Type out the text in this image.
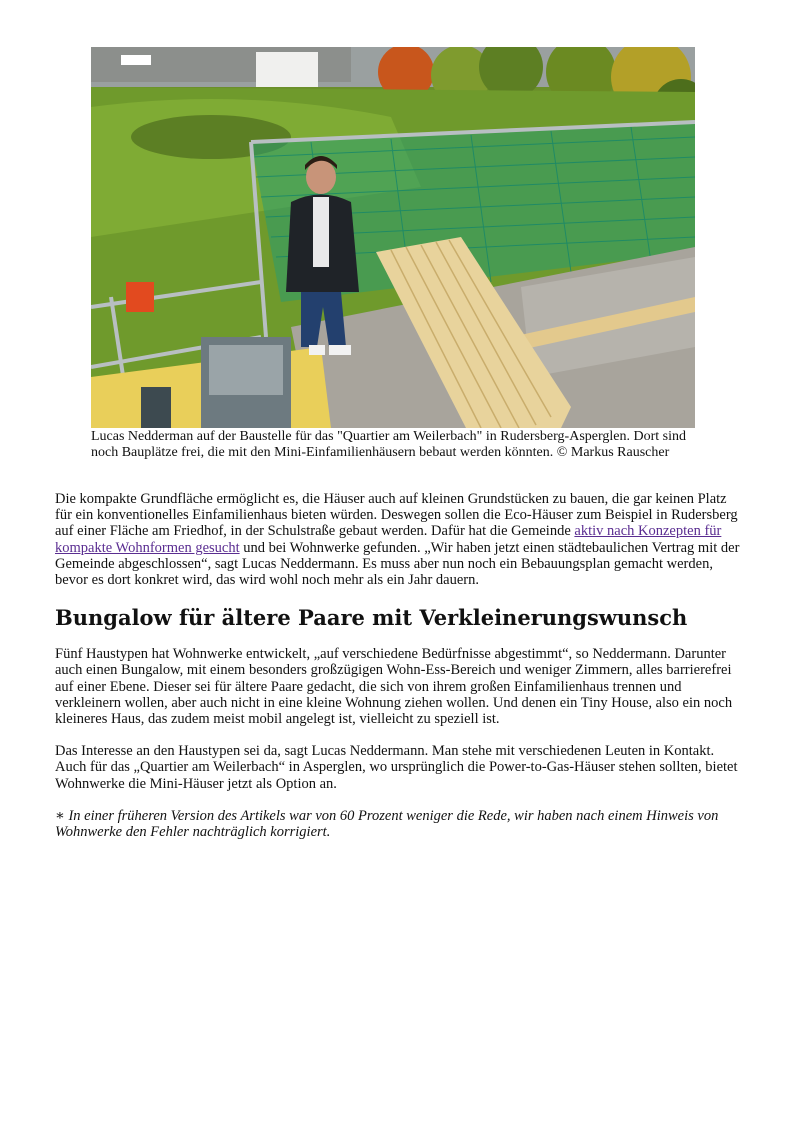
Lucas Nedderman auf der Baustelle für das "Quartier am Weilerbach" in Rudersberg-Asperglen. Dort sind noch Bauplätze frei, die mit den Mini-Einfamilienhäusern bebaut werden könnten. © Markus Rauscher

Die kompakte Grundfläche ermöglicht es, die Häuser auch auf kleinen Grundstücken zu bauen, die gar keinen Platz für ein konventionelles Einfamilienhaus bieten würden. Deswegen sollen die Eco-Häuser zum Beispiel in Rudersberg auf einer Fläche am Friedhof, in der Schulstraße gebaut werden. Dafür hat die Gemeinde aktiv nach Konzepten für kompakte Wohnformen gesucht und bei Wohnwerke gefunden. „Wir haben jetzt einen städtebaulichen Vertrag mit der Gemeinde abgeschlossen“, sagt Lucas Neddermann. Es muss aber nun noch ein Bebauungsplan gemacht werden, bevor es dort konkret wird, das wird wohl noch mehr als ein Jahr dauern.

Bungalow für ältere Paare mit Verkleinerungswunsch

Fünf Haustypen hat Wohnwerke entwickelt, „auf verschiedene Bedürfnisse abgestimmt“, so Neddermann. Darunter auch einen Bungalow, mit einem besonders großzügigen Wohn-Ess-Bereich und weniger Zimmern, alles barrierefrei auf einer Ebene. Dieser sei für ältere Paare gedacht, die sich von ihrem großen Einfamilienhaus trennen und verkleinern wollen, aber auch nicht in eine kleine Wohnung ziehen wollen. Und denen ein Tiny House, also ein noch kleineres Haus, das zudem meist mobil angelegt ist, vielleicht zu speziell ist.

Das Interesse an den Haustypen sei da, sagt Lucas Neddermann. Man stehe mit verschiedenen Leuten in Kontakt. Auch für das „Quartier am Weilerbach“ in Asperglen, wo ursprünglich die Power-to-Gas-Häuser stehen sollten, bietet Wohnwerke die Mini-Häuser jetzt als Option an.

∗ In einer früheren Version des Artikels war von 60 Prozent weniger die Rede, wir haben nach einem Hinweis von Wohnwerke den Fehler nachträglich korrigiert.
